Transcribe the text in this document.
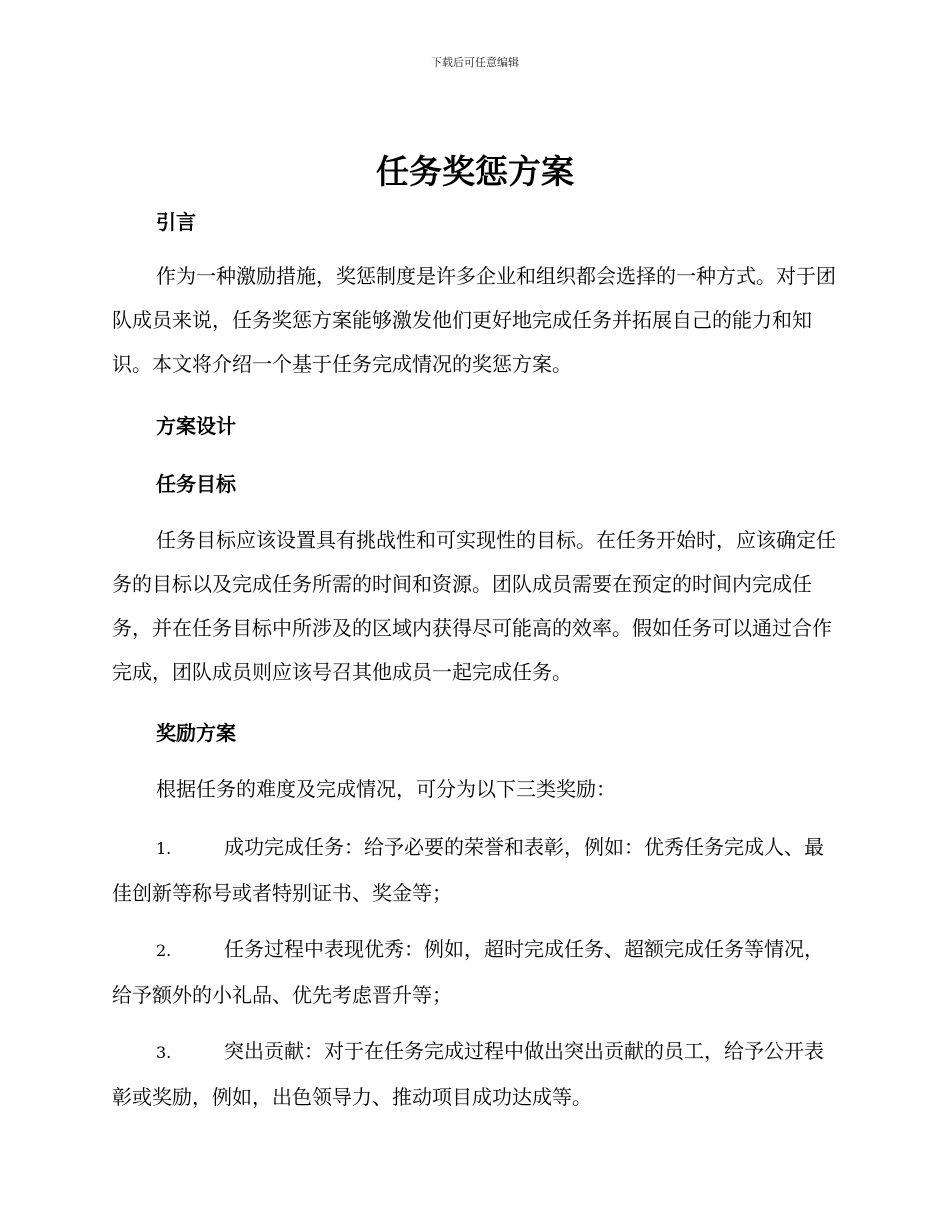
下载后可任意编辑
任务奖惩方案
引言
作为一种激励措施，奖惩制度是许多企业和组织都会选择的一种方式。对于团队成员来说，任务奖惩方案能够激发他们更好地完成任务并拓展自己的能力和知识。本文将介绍一个基于任务完成情况的奖惩方案。
方案设计
任务目标
任务目标应该设置具有挑战性和可实现性的目标。在任务开始时，应该确定任务的目标以及完成任务所需的时间和资源。团队成员需要在预定的时间内完成任务，并在任务目标中所涉及的区域内获得尽可能高的效率。假如任务可以通过合作完成，团队成员则应该号召其他成员一起完成任务。
奖励方案
根据任务的难度及完成情况，可分为以下三类奖励：
1.	成功完成任务：给予必要的荣誉和表彰，例如：优秀任务完成人、最佳创新等称号或者特别证书、奖金等；
2.	任务过程中表现优秀：例如，超时完成任务、超额完成任务等情况，给予额外的小礼品、优先考虑晋升等；
3.	突出贡献：对于在任务完成过程中做出突出贡献的员工，给予公开表彰或奖励，例如，出色领导力、推动项目成功达成等。
